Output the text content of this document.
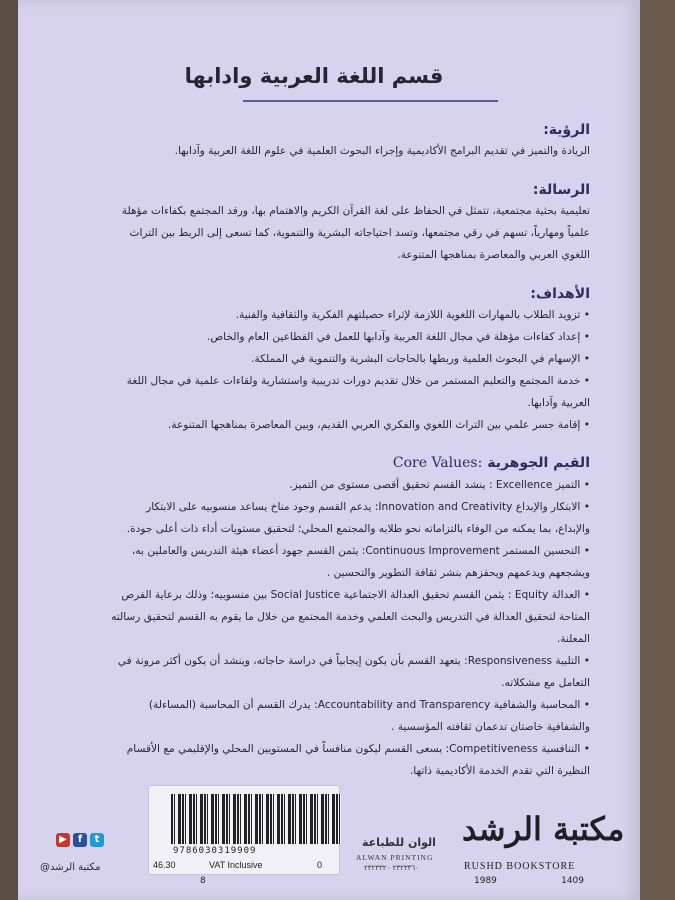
قسم اللغة العربية وادابها
الرؤية:
الريادة والتميز في تقديم البرامج الأكاديمية وإجراء البحوث العلمية في علوم اللغة العربية وآدابها.
الرسالة:
تعليمية بحثية مجتمعية، تتمثل في الحفاظ على لغة القرآن الكريم والاهتمام بها، ورفد المجتمع بكفاءات مؤهلة
علمياً ومهارياً، تسهم في رقي مجتمعها، وتسد احتياجاته البشرية والتنموية، كما تسعى إلى الربط بين التراث
اللغوي العربي والمعاصرة بمناهجها المتنوعة.
الأهداف:
• تزويد الطلاب بالمهارات اللغوية اللازمة لإثراء حصيلتهم الفكرية والثقافية والفنية.
• إعداد كفاءات مؤهلة في مجال اللغة العربية وآدابها للعمل في القطاعين العام والخاص.
• الإسهام في البحوث العلمية وربطها بالحاجات البشرية والتنموية في المملكة.
• خدمة المجتمع والتعليم المستمر من خلال تقديم دورات تدريبية واستشارية ولقاءات علمية في مجال اللغة
العربية وآدابها.
• إقامة جسر علمي بين التراث اللغوي والفكري العربي القديم، وبين المعاصرة بمناهجها المتنوعة.
القيم الجوهرية Core Values:
• التميز Excellence : ينشد القسم تحقيق أقصى مستوى من التميز.
• الابتكار والإبداع Innovation and Creativity: يدعم القسم وجود مناخ يساعد منسوبيه على الابتكار
والإبداع، بما يمكنه من الوفاء بالتزاماته نحو طلابه والمجتمع المحلي؛ لتحقيق مستويات أداء ذات أعلى جودة.
• التحسين المستمر Continuous Improvement: يثمن القسم جهود أعضاء هيئة التدريس والعاملين به،
ويشجعهم ويدعمهم ويحفزهم بنشر ثقافة التطوير والتحسين .
• العدالة Equity : يثمن القسم تحقيق العدالة الاجتماعية Social Justice بين منسوبيه؛ وذلك برعاية الفرص
المتاحة لتحقيق العدالة في التدريس والبحث العلمي وخدمة المجتمع من خلال ما يقوم به القسم لتحقيق رسالته
المعلنة.
• التلبية Responsiveness: يتعهد القسم بأن يكون إيجابياً في دراسة حاجاته، وينشد أن يكون أكثر مرونة في
التعامل مع مشكلاته.
• المحاسبة والشفافية Accountability and Transparency: يدرك القسم أن المحاسبة (المساءلة)
والشفافية خاصتان تدعمان ثقافته المؤسسية .
• التنافسية Competitiveness: يسعى القسم ليكون منافساً في المستويين المحلي والإقليمي مع الأقسام
النظيرة التي تقدم الخدمة الأكاديمية ذاتها.
9786030319909
46.30	VAT Inclusive	0
▶	f	t
مكتبة الرشد@
الوان للطباعة
ALWAN PRINTING
٢٣٢٣٣٦٠ ٢٣٢٣٣٢٠
مكتبة الرشد
RUSHD BOOKSTORE
1989	1409
8
